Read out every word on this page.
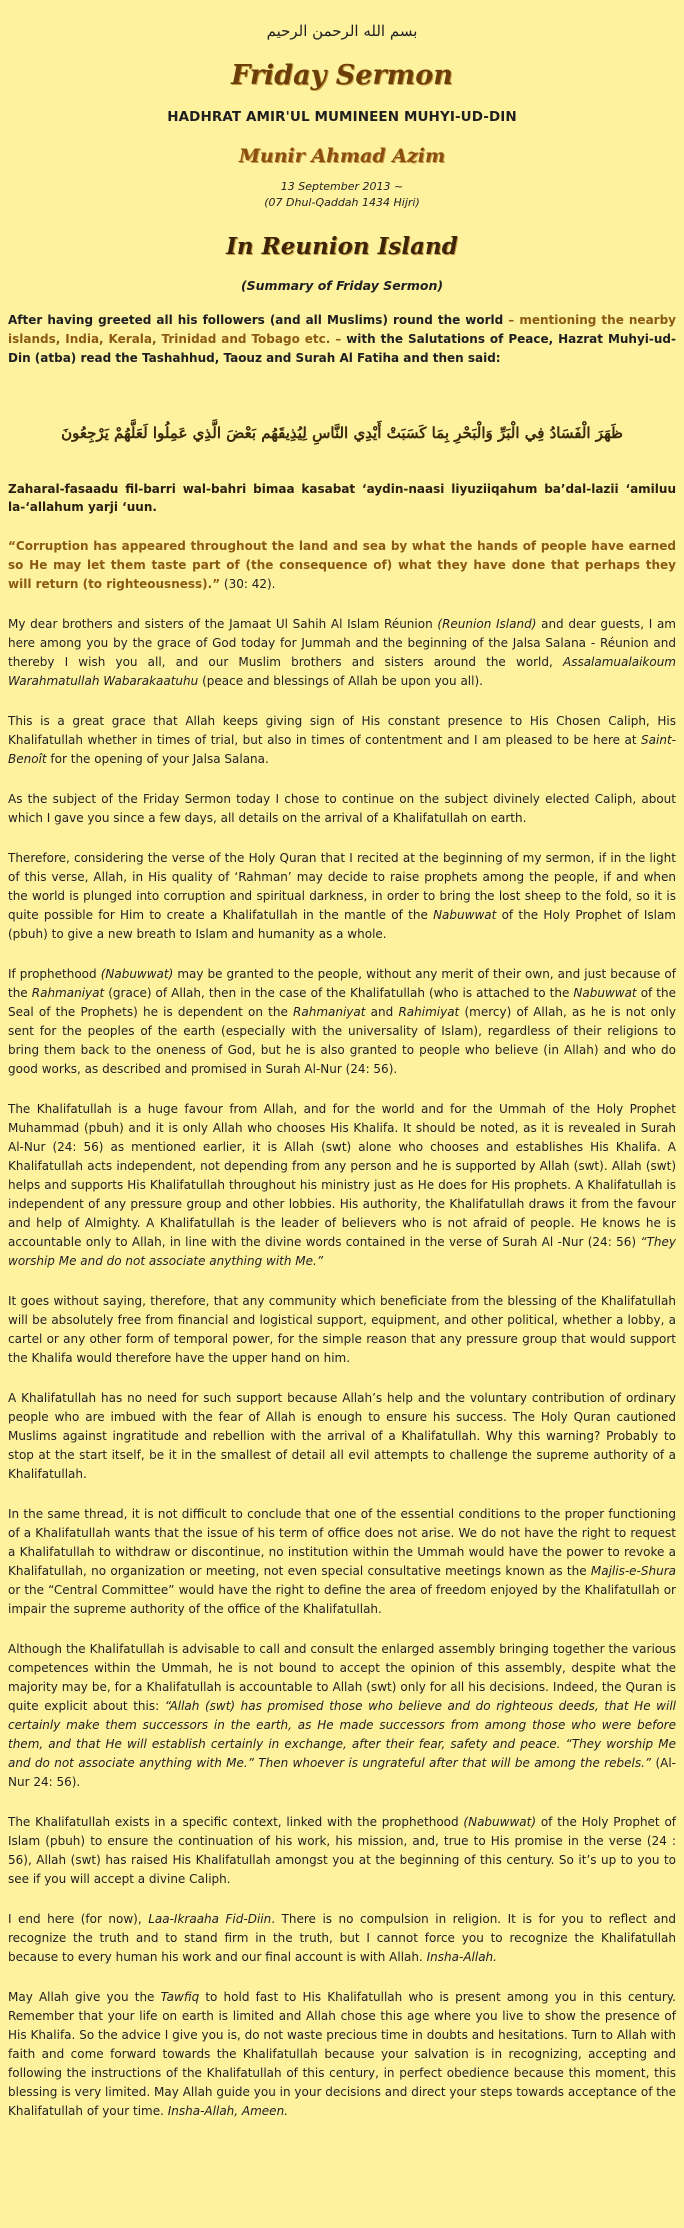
بسم الله الرحمن الرحيم
Friday Sermon
HADHRAT AMIR'UL MUMINEEN MUHYI-UD-DIN
Munir Ahmad Azim
13 September 2013 ~
(07 Dhul-Qaddah 1434 Hijri)
In Reunion Island
(Summary of Friday Sermon)

After having greeted all his followers (and all Muslims) round the world – mentioning the nearby islands, India, Kerala, Trinidad and Tobago etc. – with the Salutations of Peace, Hazrat Muhyi-ud-Din (atba) read the Tashahhud, Taouz and Surah Al Fatiha and then said:

ظَهَرَ الْفَسَادُ فِي الْبَرِّ وَالْبَحْرِ بِمَا كَسَبَتْ أَيْدِي النَّاسِ لِيُذِيقَهُم بَعْضَ الَّذِي عَمِلُوا لَعَلَّهُمْ يَرْجِعُونَ

Zaharal-fasaadu fil-barri wal-bahri bimaa kasabat ‘aydin-naasi liyuziiqahum ba’dal-lazii ‘amiluu la-‘allahum yarji ‘uun.

“Corruption has appeared throughout the land and sea by what the hands of people have earned so He may let them taste part of (the consequence of) what they have done that perhaps they will return (to righteousness).” (30: 42).

My dear brothers and sisters of the Jamaat Ul Sahih Al Islam Réunion (Reunion Island) and dear guests, I am here among you by the grace of God today for Jummah and the beginning of the Jalsa Salana - Réunion and thereby I wish you all, and our Muslim brothers and sisters around the world, Assalamualaikoum Warahmatullah Wabarakaatuhu (peace and blessings of Allah be upon you all).

This is a great grace that Allah keeps giving sign of His constant presence to His Chosen Caliph, His Khalifatullah whether in times of trial, but also in times of contentment and I am pleased to be here at Saint-Benoît for the opening of your Jalsa Salana.

As the subject of the Friday Sermon today I chose to continue on the subject divinely elected Caliph, about which I gave you since a few days, all details on the arrival of a Khalifatullah on earth.

Therefore, considering the verse of the Holy Quran that I recited at the beginning of my sermon, if in the light of this verse, Allah, in His quality of ‘Rahman’ may decide to raise prophets among the people, if and when the world is plunged into corruption and spiritual darkness, in order to bring the lost sheep to the fold, so it is quite possible for Him to create a Khalifatullah in the mantle of the Nabuwwat of the Holy Prophet of Islam (pbuh) to give a new breath to Islam and humanity as a whole.

If prophethood (Nabuwwat) may be granted to the people, without any merit of their own, and just because of the Rahmaniyat (grace) of Allah, then in the case of the Khalifatullah (who is attached to the Nabuwwat of the Seal of the Prophets) he is dependent on the Rahmaniyat and Rahimiyat (mercy) of Allah, as he is not only sent for the peoples of the earth (especially with the universality of Islam), regardless of their religions to bring them back to the oneness of God, but he is also granted to people who believe (in Allah) and who do good works, as described and promised in Surah Al-Nur (24: 56).

The Khalifatullah is a huge favour from Allah, and for the world and for the Ummah of the Holy Prophet Muhammad (pbuh) and it is only Allah who chooses His Khalifa. It should be noted, as it is revealed in Surah Al-Nur (24: 56) as mentioned earlier, it is Allah (swt) alone who chooses and establishes His Khalifa. A Khalifatullah acts independent, not depending from any person and he is supported by Allah (swt). Allah (swt) helps and supports His Khalifatullah throughout his ministry just as He does for His prophets. A Khalifatullah is independent of any pressure group and other lobbies. His authority, the Khalifatullah draws it from the favour and help of Almighty. A Khalifatullah is the leader of believers who is not afraid of people. He knows he is accountable only to Allah, in line with the divine words contained in the verse of Surah Al -Nur (24: 56) “They worship Me and do not associate anything with Me.”

It goes without saying, therefore, that any community which beneficiate from the blessing of the Khalifatullah will be absolutely free from financial and logistical support, equipment, and other political, whether a lobby, a cartel or any other form of temporal power, for the simple reason that any pressure group that would support the Khalifa would therefore have the upper hand on him.

A Khalifatullah has no need for such support because Allah’s help and the voluntary contribution of ordinary people who are imbued with the fear of Allah is enough to ensure his success. The Holy Quran cautioned Muslims against ingratitude and rebellion with the arrival of a Khalifatullah. Why this warning? Probably to stop at the start itself, be it in the smallest of detail all evil attempts to challenge the supreme authority of a Khalifatullah.

In the same thread, it is not difficult to conclude that one of the essential conditions to the proper functioning of a Khalifatullah wants that the issue of his term of office does not arise. We do not have the right to request a Khalifatullah to withdraw or discontinue, no institution within the Ummah would have the power to revoke a Khalifatullah, no organization or meeting, not even special consultative meetings known as the Majlis-e-Shura or the “Central Committee” would have the right to define the area of freedom enjoyed by the Khalifatullah or impair the supreme authority of the office of the Khalifatullah.

Although the Khalifatullah is advisable to call and consult the enlarged assembly bringing together the various competences within the Ummah, he is not bound to accept the opinion of this assembly, despite what the majority may be, for a Khalifatullah is accountable to Allah (swt) only for all his decisions. Indeed, the Quran is quite explicit about this: “Allah (swt) has promised those who believe and do righteous deeds, that He will certainly make them successors in the earth, as He made successors from among those who were before them, and that He will establish certainly in exchange, after their fear, safety and peace. “They worship Me and do not associate anything with Me.” Then whoever is ungrateful after that will be among the rebels.” (Al-Nur 24: 56).

The Khalifatullah exists in a specific context, linked with the prophethood (Nabuwwat) of the Holy Prophet of Islam (pbuh) to ensure the continuation of his work, his mission, and, true to His promise in the verse (24 : 56), Allah (swt) has raised His Khalifatullah amongst you at the beginning of this century. So it’s up to you to see if you will accept a divine Caliph.

I end here (for now), Laa-Ikraaha Fid-Diin. There is no compulsion in religion. It is for you to reflect and recognize the truth and to stand firm in the truth, but I cannot force you to recognize the Khalifatullah because to every human his work and our final account is with Allah. Insha-Allah.

May Allah give you the Tawfiq to hold fast to His Khalifatullah who is present among you in this century. Remember that your life on earth is limited and Allah chose this age where you live to show the presence of His Khalifa. So the advice I give you is, do not waste precious time in doubts and hesitations. Turn to Allah with faith and come forward towards the Khalifatullah because your salvation is in recognizing, accepting and following the instructions of the Khalifatullah of this century, in perfect obedience because this moment, this blessing is very limited. May Allah guide you in your decisions and direct your steps towards acceptance of the Khalifatullah of your time. Insha-Allah, Ameen.
